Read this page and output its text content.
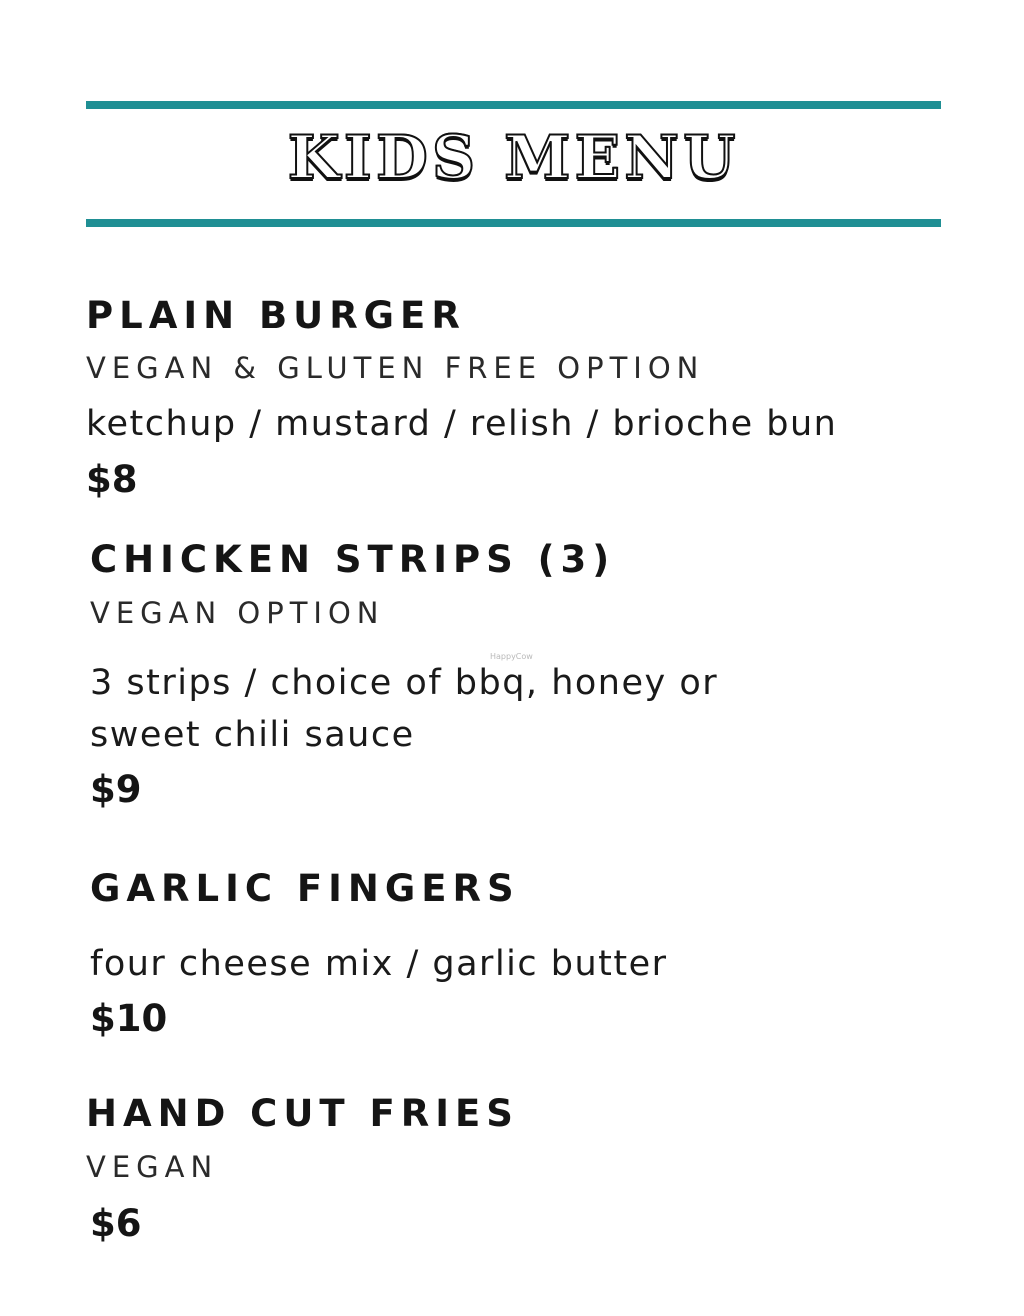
KIDS MENU
PLAIN BURGER

VEGAN & GLUTEN FREE OPTION

ketchup / mustard / relish / brioche bun

$8

CHICKEN STRIPS (3)

VEGAN OPTION

3 strips / choice of bbq, honey or

sweet chili sauce

$9

GARLIC FINGERS

four cheese mix / garlic butter

$10

HAND CUT FRIES

VEGAN

$6

HappyCow
